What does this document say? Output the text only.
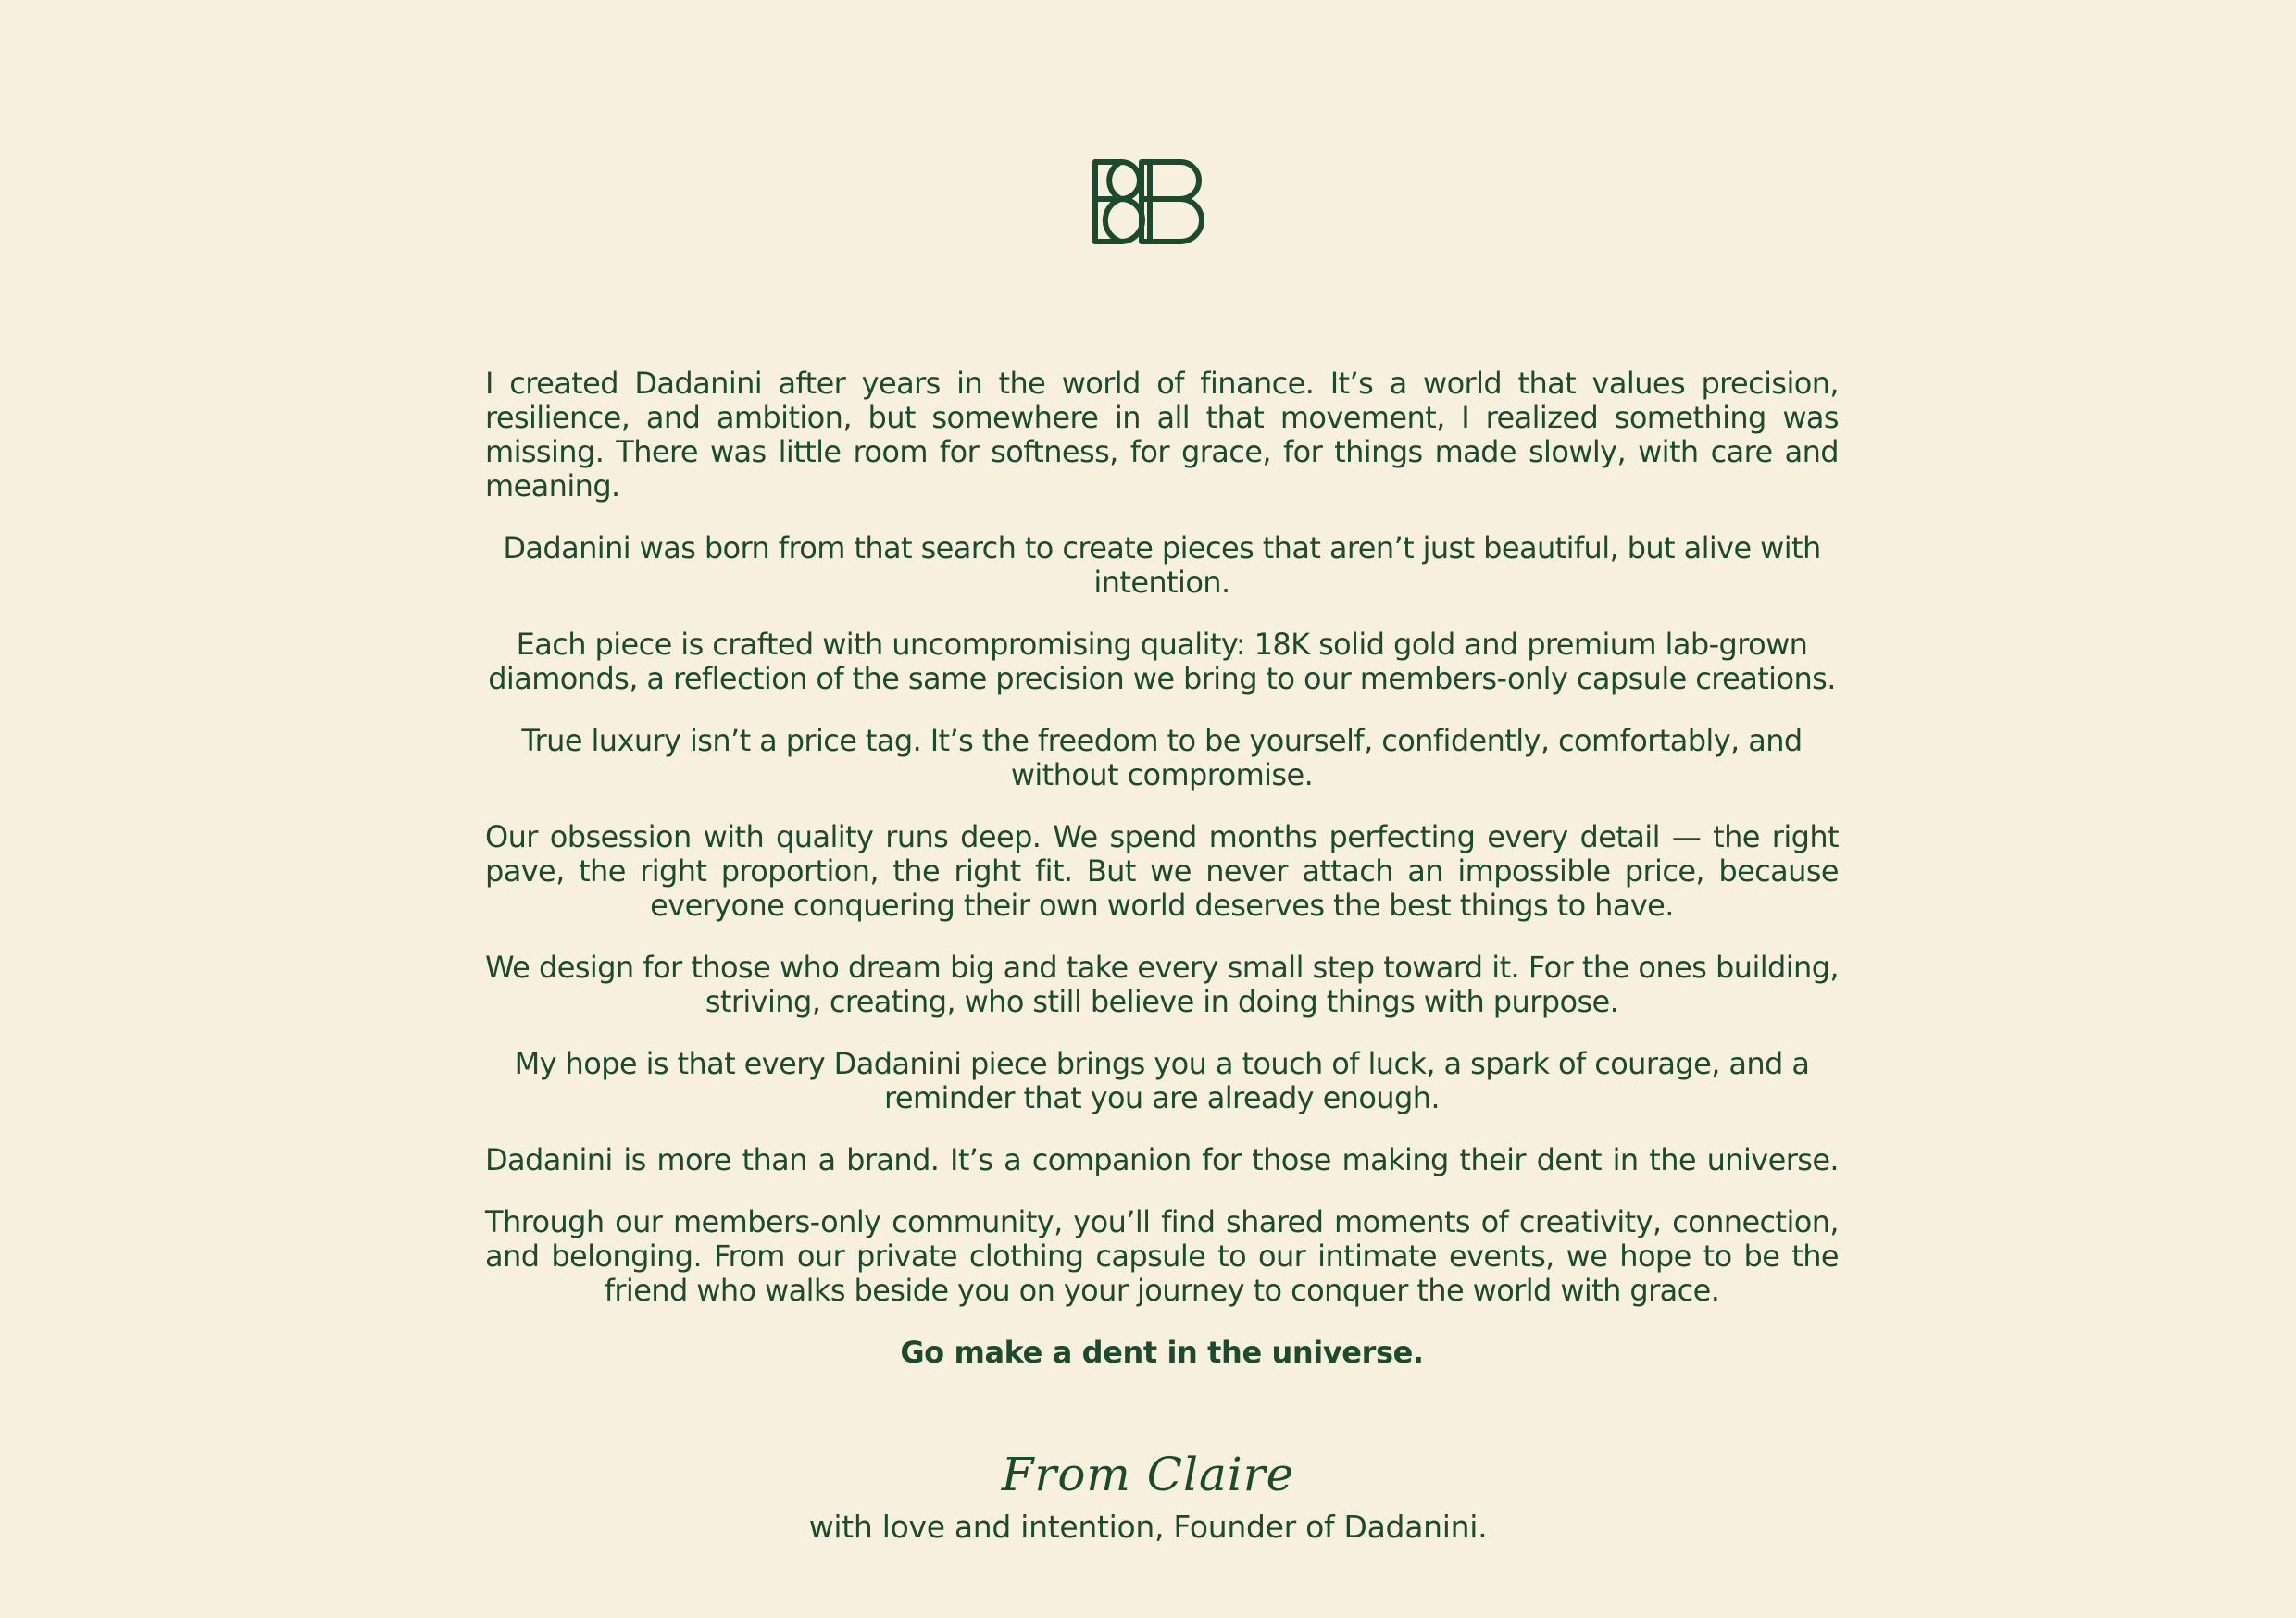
I created Dadanini after years in the world of finance. It’s a world that values precision, resilience, and ambition, but somewhere in all that movement, I realized something was missing. There was little room for softness, for grace, for things made slowly, with care and meaning.

Dadanini was born from that search to create pieces that aren’t just beautiful, but alive with intention.

Each piece is crafted with uncompromising quality: 18K solid gold and premium lab-grown diamonds, a reflection of the same precision we bring to our members-only capsule creations.

True luxury isn’t a price tag. It’s the freedom to be yourself, confidently, comfortably, and without compromise.

Our obsession with quality runs deep. We spend months perfecting every detail — the right pave, the right proportion, the right fit. But we never attach an impossible price, because everyone conquering their own world deserves the best things to have.

We design for those who dream big and take every small step toward it. For the ones building, striving, creating, who still believe in doing things with purpose.

My hope is that every Dadanini piece brings you a touch of luck, a spark of courage, and a reminder that you are already enough.

Dadanini is more than a brand. It’s a companion for those making their dent in the universe.

Through our members-only community, you’ll find shared moments of creativity, connection, and belonging. From our private clothing capsule to our intimate events, we hope to be the friend who walks beside you on your journey to conquer the world with grace.

Go make a dent in the universe.

From Claire
with love and intention, Founder of Dadanini.
